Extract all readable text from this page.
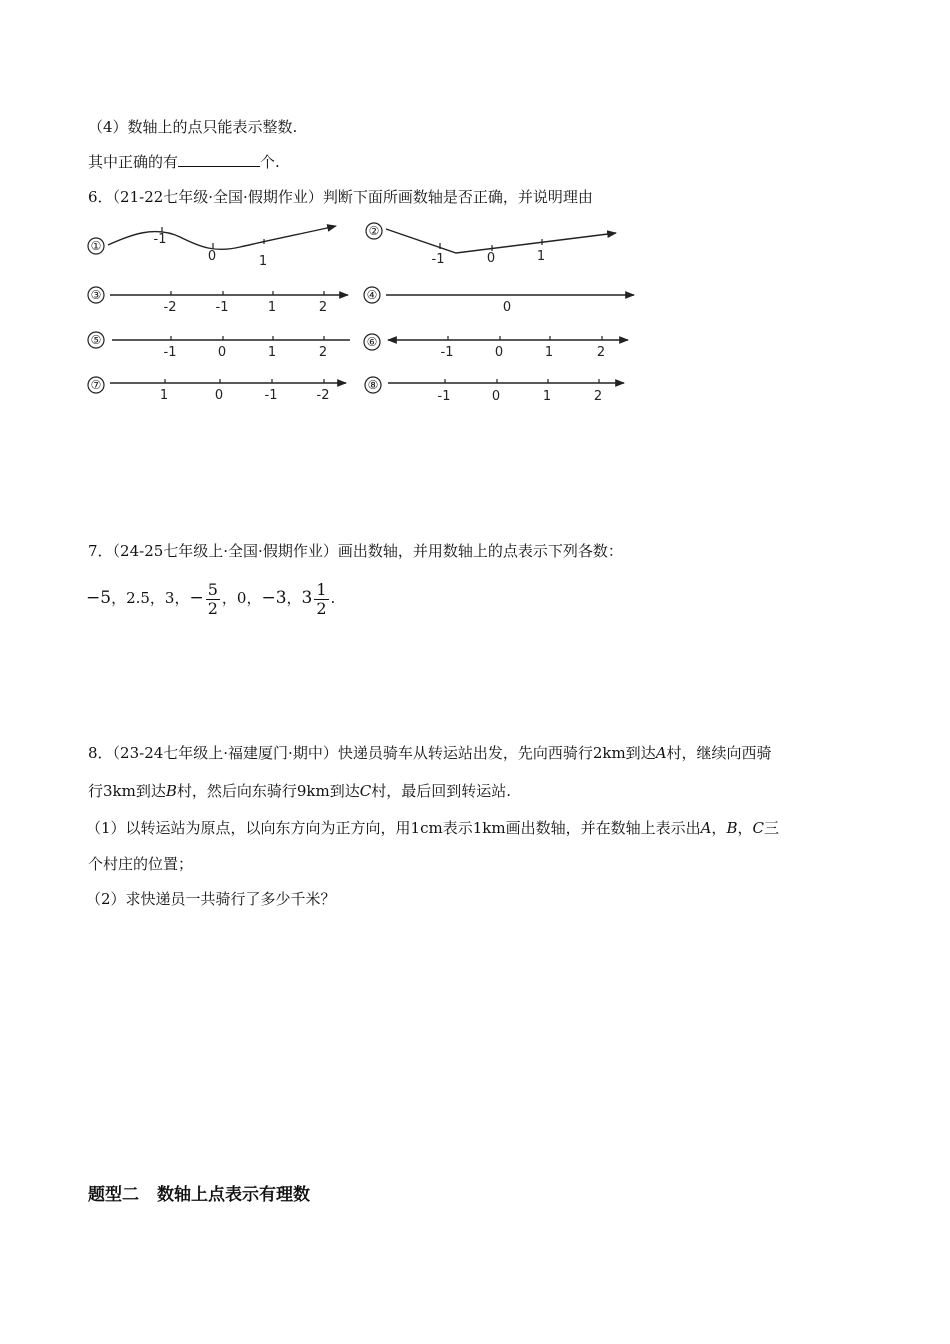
（4）数轴上的点只能表示整数.
其中正确的有	个.
6．（21-22七年级·全国·假期作业）判断下面所画数轴是否正确，并说明理由
①	-1
0	1
②
-1	0	1
③
-2	-1	1	2
④
0
⑤
-1	0	1	2
⑥
-1	0	1	2
⑦
1	0	-1	-2
⑧
-1	0	1	2
7．（24-25七年级上·全国·假期作业）画出数轴，并用数轴上的点表示下列各数：
−5，2.5，3，− $\frac{5}{2}$ ，0，−3，$3 \frac{1}{2}$ .
8．（23-24七年级上·福建厦门·期中）快递员骑车从转运站出发，先向西骑行2km到达A村，继续向西骑
行3km到达B村，然后向东骑行9km到达C村，最后回到转运站.
（1）以转运站为原点，以向东方向为正方向，用1cm表示1km画出数轴，并在数轴上表示出A，B，C三
个村庄的位置；
（2）求快递员一共骑行了多少千米？
题型二 数轴上点表示有理数
